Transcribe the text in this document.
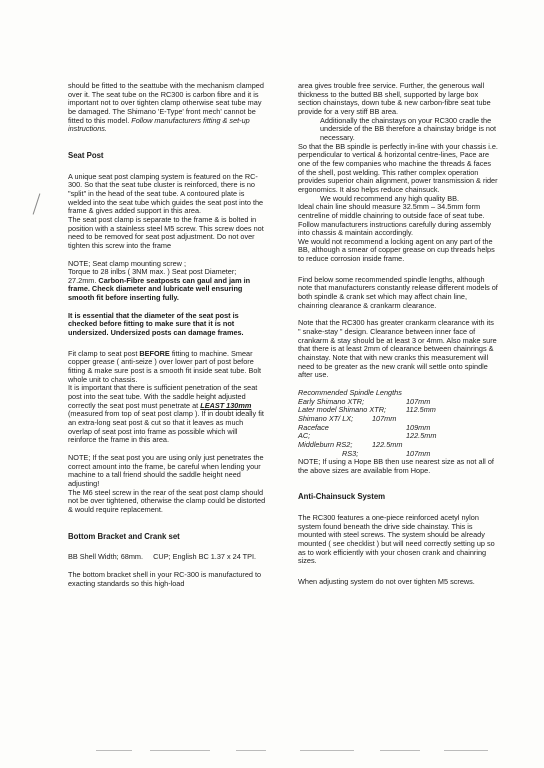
should be fitted to the seattube with the mechanism clamped over it. The seat tube on the RC300 is carbon fibre and it is important not to over tighten clamp otherwise seat tube may be damaged. The Shimano 'E-Type' front mech' cannot be fitted to this model. Follow manufacturers fitting & set-up instructions.

Seat Post

A unique seat post clamping system is featured on the RC-300. So that the seat tube cluster is reinforced, there is no "split" in the head of the seat tube. A contoured plate is welded into the seat tube which guides the seat post into the frame & gives added support in this area.

The seat post clamp is separate to the frame & is bolted in position with a stainless steel M5 screw. This screw does not need to be removed for seat post adjustment. Do not over tighten this screw into the frame

NOTE; Seat clamp mounting screw ;

Torque to 28 inlbs ( 3NM max. ) Seat post Diameter; 27.2mm. Carbon-Fibre seatposts can gaul and jam in frame. Check diameter and lubricate well ensuring smooth fit before inserting fully.

It is essential that the diameter of the seat post is checked before fitting to make sure that it is not undersized. Undersized posts can damage frames.

Fit clamp to seat post BEFORE fitting to machine. Smear copper grease ( anti-seize ) over lower part of post before fitting & make sure post is a smooth fit inside seat tube. Bolt whole unit to chassis.

It is important that there is sufficient penetration of the seat post into the seat tube. With the saddle height adjusted correctly the seat post must penetrate at LEAST 130mm (measured from top of seat post clamp ). If in doubt ideally fit an extra-long seat post & cut so that it leaves as much overlap of seat post into frame as possible which will reinforce the frame in this area.

NOTE; If the seat post you are using only just penetrates the correct amount into the frame, be careful when lending your machine to a tall friend should the saddle height need adjusting!

The M6 steel screw in the rear of the seat post clamp should not be over tightened, otherwise the clamp could be distorted & would require replacement.

Bottom Bracket and Crank set

BB Shell Width; 68mm.     CUP; English BC 1.37 x 24 TPI.

The bottom bracket shell in your RC-300 is manufactured to exacting standards so this high-load

area gives trouble free service. Further, the generous wall thickness to the butted BB shell, supported by large box section chainstays, down tube & new carbon-fibre seat tube provide for a very stiff BB area.

Additionally the chainstays on your RC300 cradle the underside of the BB therefore a chainstay bridge is not necessary.

So that the BB spindle is perfectly in-line with your chassis i.e. perpendicular to vertical & horizontal centre-lines, Pace are one of the few companies who machine the threads & faces of the shell, post welding. This rather complex operation provides superior chain alignment, power transmission & rider ergonomics. It also helps reduce chainsuck.

We would recommend any high quality BB.

Ideal chain line should measure 32.5mm – 34.5mm form centreline of middle chainring to outside face of seat tube. Follow manufacturers instructions carefully during assembly into chassis & maintain accordingly.

We would not recommend a locking agent on any part of the BB, although a smear of copper grease on cup threads helps to reduce corrosion inside frame.

Find below some recommended spindle lengths, although note that manufacturers constantly release different models of both spindle & crank set which may affect chain line, chainring clearance & crankarm clearance.

Note that the RC300 has greater crankarm clearance with its " snake-stay " design. Clearance between inner face of crankarm & stay should be at least 3 or 4mm. Also make sure that there is at least 2mm of clearance between chainrings & chainstay. Note that with new cranks this measurement will need to be greater as the new crank will settle onto spindle after use.

Recommended Spindle Lengths

Early Shimano XTR;	107mm
Later model Shimano XTR;	112.5mm
Shimano XT/ LX;	107mm
Raceface	109mm
AC;	122.5mm
Middleburn RS2;	122.5mm
RS3;	107mm

NOTE; If using a Hope BB then use nearest size as not all of the above sizes are available from Hope.

Anti-Chainsuck System

The RC300 features a one-piece reinforced acetyl nylon system found beneath the drive side chainstay. This is mounted with steel screws. The system should be already mounted ( see checklist ) but will need correctly setting up so as to work efficiently with your chosen crank and chainring sizes.

When adjusting system do not over tighten M5 screws.
